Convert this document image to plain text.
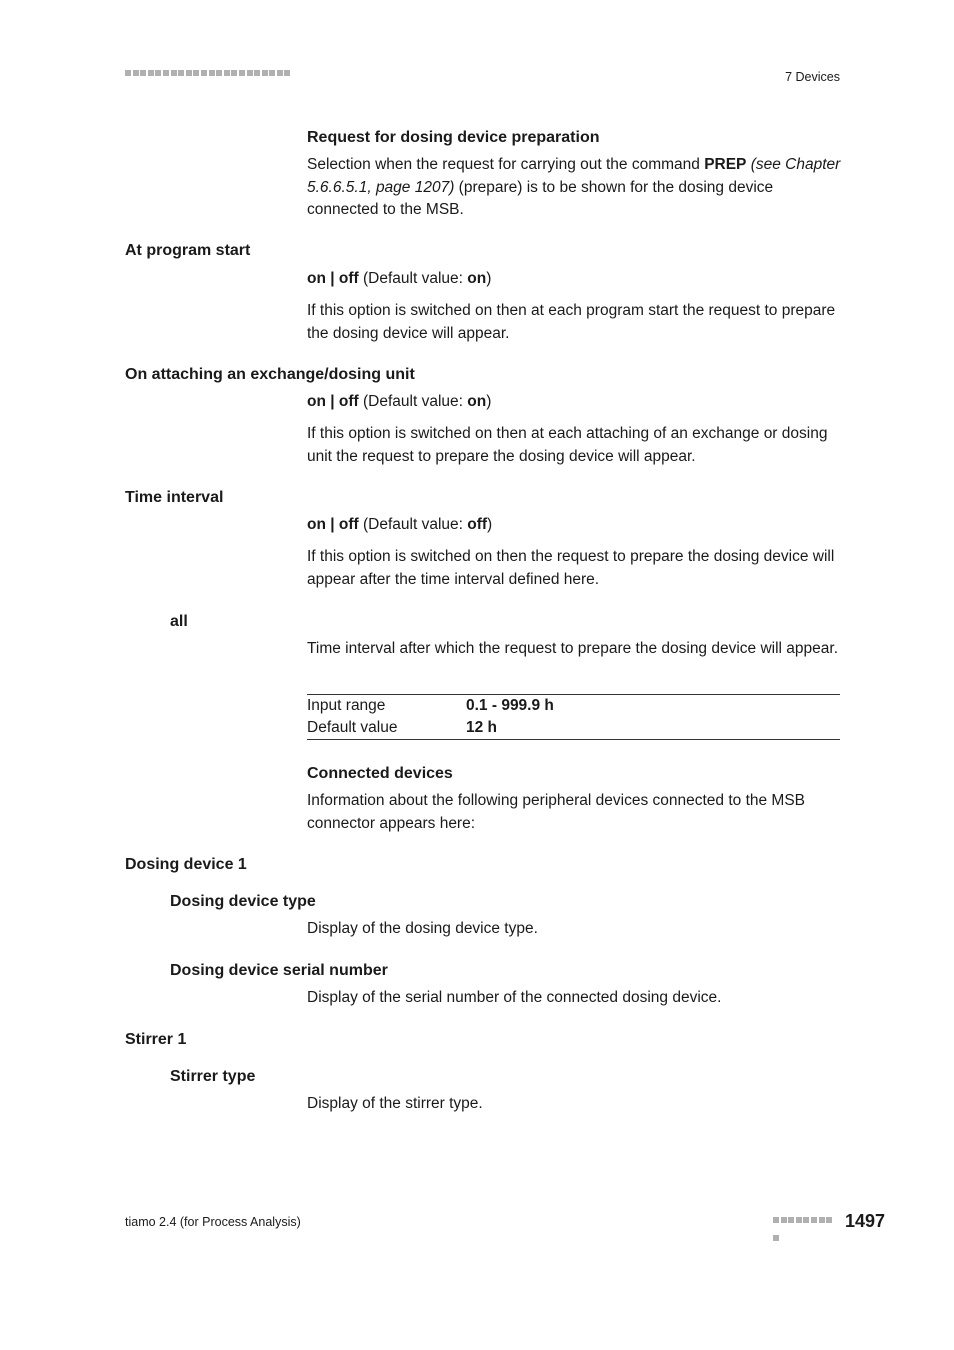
7 Devices
Request for dosing device preparation
Selection when the request for carrying out the command PREP (see Chapter 5.6.6.5.1, page 1207) (prepare) is to be shown for the dosing device connected to the MSB.
At program start
on | off (Default value: on)
If this option is switched on then at each program start the request to prepare the dosing device will appear.
On attaching an exchange/dosing unit
on | off (Default value: on)
If this option is switched on then at each attaching of an exchange or dosing unit the request to prepare the dosing device will appear.
Time interval
on | off (Default value: off)
If this option is switched on then the request to prepare the dosing device will appear after the time interval defined here.
all
Time interval after which the request to prepare the dosing device will appear.
Input range	0.1 - 999.9 h
Default value	12 h
Connected devices
Information about the following peripheral devices connected to the MSB connector appears here:
Dosing device 1
Dosing device type
Display of the dosing device type.
Dosing device serial number
Display of the serial number of the connected dosing device.
Stirrer 1
Stirrer type
Display of the stirrer type.
tiamo 2.4 (for Process Analysis)	1497
